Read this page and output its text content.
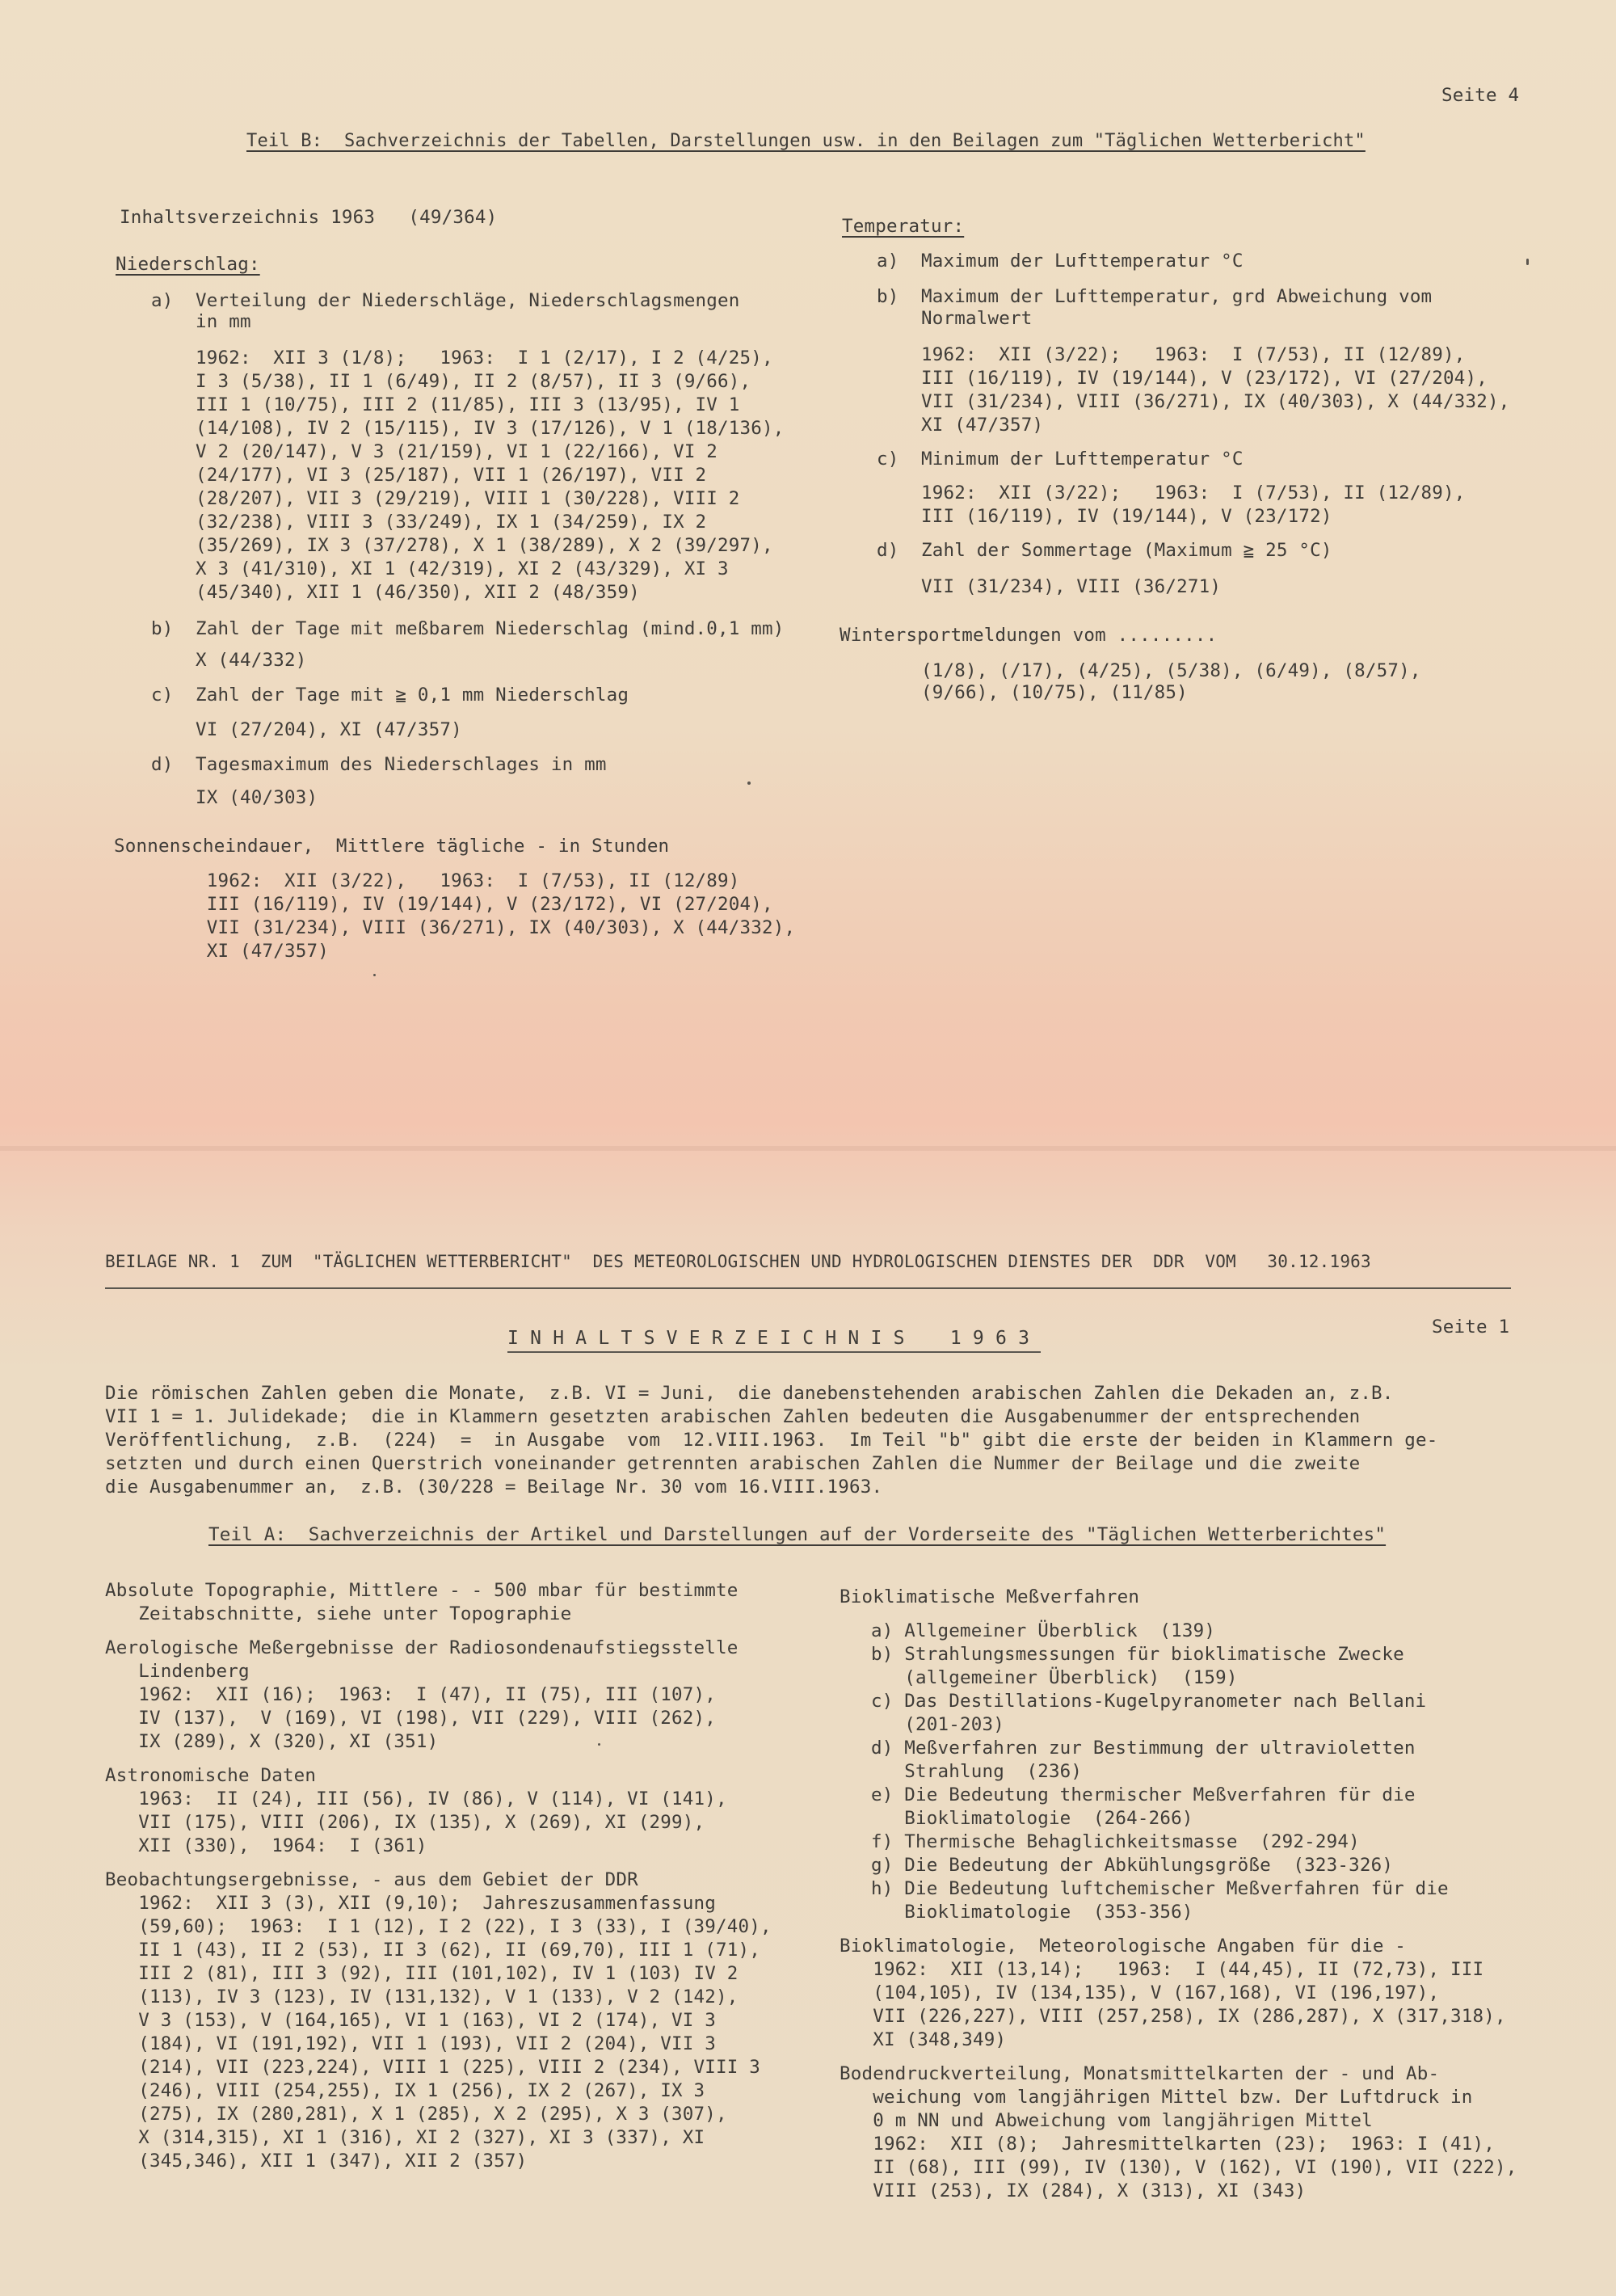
Seite 4
Teil B:  Sachverzeichnis der Tabellen, Darstellungen usw. in den Beilagen zum "Täglichen Wetterbericht"
Inhaltsverzeichnis 1963   (49/364)
Niederschlag:
a)  Verteilung der Niederschläge, Niederschlagsmengen
in mm
1962:  XII 3 (1/8);   1963:  I 1 (2/17), I 2 (4/25),
I 3 (5/38), II 1 (6/49), II 2 (8/57), II 3 (9/66),
III 1 (10/75), III 2 (11/85), III 3 (13/95), IV 1
(14/108), IV 2 (15/115), IV 3 (17/126), V 1 (18/136),
V 2 (20/147), V 3 (21/159), VI 1 (22/166), VI 2
(24/177), VI 3 (25/187), VII 1 (26/197), VII 2
(28/207), VII 3 (29/219), VIII 1 (30/228), VIII 2
(32/238), VIII 3 (33/249), IX 1 (34/259), IX 2
(35/269), IX 3 (37/278), X 1 (38/289), X 2 (39/297),
X 3 (41/310), XI 1 (42/319), XI 2 (43/329), XI 3
(45/340), XII 1 (46/350), XII 2 (48/359)
b)  Zahl der Tage mit meßbarem Niederschlag (mind.0,1 mm)
X (44/332)
c)  Zahl der Tage mit ≧ 0,1 mm Niederschlag
VI (27/204), XI (47/357)
d)  Tagesmaximum des Niederschlages in mm
IX (40/303)
Sonnenscheindauer,  Mittlere tägliche - in Stunden
1962:  XII (3/22),   1963:  I (7/53), II (12/89)
III (16/119), IV (19/144), V (23/172), VI (27/204),
VII (31/234), VIII (36/271), IX (40/303), X (44/332),
XI (47/357)
Temperatur:
a)  Maximum der Lufttemperatur °C
b)  Maximum der Lufttemperatur, grd Abweichung vom
Normalwert
1962:  XII (3/22);   1963:  I (7/53), II (12/89),
III (16/119), IV (19/144), V (23/172), VI (27/204),
VII (31/234), VIII (36/271), IX (40/303), X (44/332),
XI (47/357)
c)  Minimum der Lufttemperatur °C
1962:  XII (3/22);   1963:  I (7/53), II (12/89),
III (16/119), IV (19/144), V (23/172)
d)  Zahl der Sommertage (Maximum ≧ 25 °C)
VII (31/234), VIII (36/271)
Wintersportmeldungen vom .........
(1/8), (/17), (4/25), (5/38), (6/49), (8/57),
(9/66), (10/75), (11/85)
BEILAGE NR. 1  ZUM  "TÄGLICHEN WETTERBERICHT"  DES METEOROLOGISCHEN UND HYDROLOGISCHEN DIENSTES DER  DDR  VOM   30.12.1963
I N H A L T S V E R Z E I C H N I S    1 9 6 3
Seite 1
Die römischen Zahlen geben die Monate,  z.B. VI = Juni,  die danebenstehenden arabischen Zahlen die Dekaden an, z.B.
VII 1 = 1. Julidekade;  die in Klammern gesetzten arabischen Zahlen bedeuten die Ausgabenummer der entsprechenden
Veröffentlichung,  z.B.  (224)  =  in Ausgabe  vom  12.VIII.1963.  Im Teil "b" gibt die erste der beiden in Klammern ge-
setzten und durch einen Querstrich voneinander getrennten arabischen Zahlen die Nummer der Beilage und die zweite
die Ausgabenummer an,  z.B. (30/228 = Beilage Nr. 30 vom 16.VIII.1963.
Teil A:  Sachverzeichnis der Artikel und Darstellungen auf der Vorderseite des "Täglichen Wetterberichtes"
Absolute Topographie, Mittlere - - 500 mbar für bestimmte
Zeitabschnitte, siehe unter Topographie
Aerologische Meßergebnisse der Radiosondenaufstiegsstelle
Lindenberg
1962:  XII (16);  1963:  I (47), II (75), III (107),
IV (137),  V (169), VI (198), VII (229), VIII (262),
IX (289), X (320), XI (351)
Astronomische Daten
1963:  II (24), III (56), IV (86), V (114), VI (141),
VII (175), VIII (206), IX (135), X (269), XI (299),
XII (330),  1964:  I (361)
Beobachtungsergebnisse, - aus dem Gebiet der DDR
1962:  XII 3 (3), XII (9,10);  Jahreszusammenfassung
(59,60);  1963:  I 1 (12), I 2 (22), I 3 (33), I (39/40),
II 1 (43), II 2 (53), II 3 (62), II (69,70), III 1 (71),
III 2 (81), III 3 (92), III (101,102), IV 1 (103) IV 2
(113), IV 3 (123), IV (131,132), V 1 (133), V 2 (142),
V 3 (153), V (164,165), VI 1 (163), VI 2 (174), VI 3
(184), VI (191,192), VII 1 (193), VII 2 (204), VII 3
(214), VII (223,224), VIII 1 (225), VIII 2 (234), VIII 3
(246), VIII (254,255), IX 1 (256), IX 2 (267), IX 3
(275), IX (280,281), X 1 (285), X 2 (295), X 3 (307),
X (314,315), XI 1 (316), XI 2 (327), XI 3 (337), XI
(345,346), XII 1 (347), XII 2 (357)
Bioklimatische Meßverfahren
a) Allgemeiner Überblick  (139)
b) Strahlungsmessungen für bioklimatische Zwecke
(allgemeiner Überblick)  (159)
c) Das Destillations-Kugelpyranometer nach Bellani
(201-203)
d) Meßverfahren zur Bestimmung der ultravioletten
Strahlung  (236)
e) Die Bedeutung thermischer Meßverfahren für die
Bioklimatologie  (264-266)
f) Thermische Behaglichkeitsmasse  (292-294)
g) Die Bedeutung der Abkühlungsgröße  (323-326)
h) Die Bedeutung luftchemischer Meßverfahren für die
Bioklimatologie  (353-356)
Bioklimatologie,  Meteorologische Angaben für die -
1962:  XII (13,14);   1963:  I (44,45), II (72,73), III
(104,105), IV (134,135), V (167,168), VI (196,197),
VII (226,227), VIII (257,258), IX (286,287), X (317,318),
XI (348,349)
Bodendruckverteilung, Monatsmittelkarten der - und Ab-
weichung vom langjährigen Mittel bzw. Der Luftdruck in
0 m NN und Abweichung vom langjährigen Mittel
1962:  XII (8);  Jahresmittelkarten (23);  1963: I (41),
II (68), III (99), IV (130), V (162), VI (190), VII (222),
VIII (253), IX (284), X (313), XI (343)
